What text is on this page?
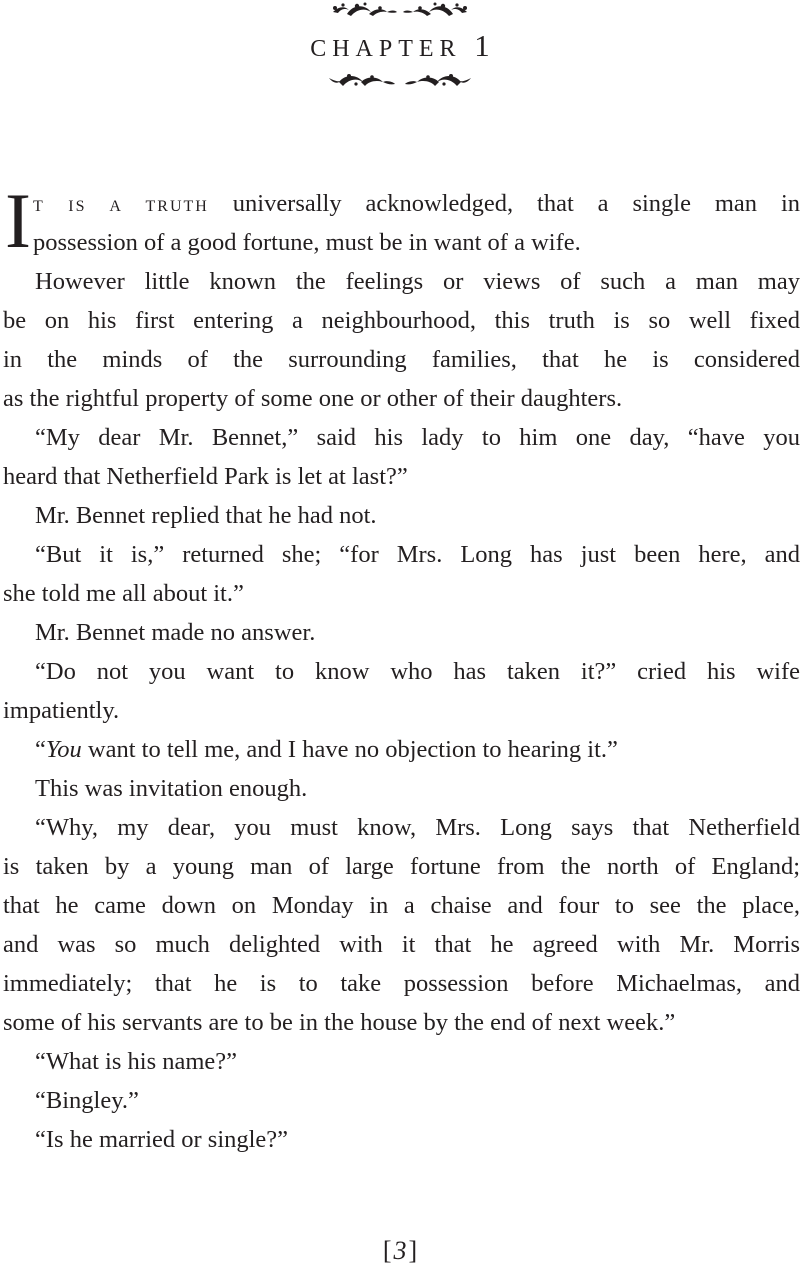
CHAPTER 1
I T IS A TRUTH universally acknowledged, that a single man in
possession of a good fortune, must be in want of a wife.
However little known the feelings or views of such a man may
be on his first entering a neighbourhood, this truth is so well fixed
in the minds of the surrounding families, that he is considered
as the rightful property of some one or other of their daughters.
“My dear Mr. Bennet,” said his lady to him one day, “have you
heard that Netherfield Park is let at last?”
Mr. Bennet replied that he had not.
“But it is,” returned she; “for Mrs. Long has just been here, and
she told me all about it.”
Mr. Bennet made no answer.
“Do not you want to know who has taken it?” cried his wife
impatiently.
“You want to tell me, and I have no objection to hearing it.”
This was invitation enough.
“Why, my dear, you must know, Mrs. Long says that Netherfield
is taken by a young man of large fortune from the north of England;
that he came down on Monday in a chaise and four to see the place,
and was so much delighted with it that he agreed with Mr. Morris
immediately; that he is to take possession before Michaelmas, and
some of his servants are to be in the house by the end of next week.”
“What is his name?”
“Bingley.”
“Is he married or single?”
[3]
